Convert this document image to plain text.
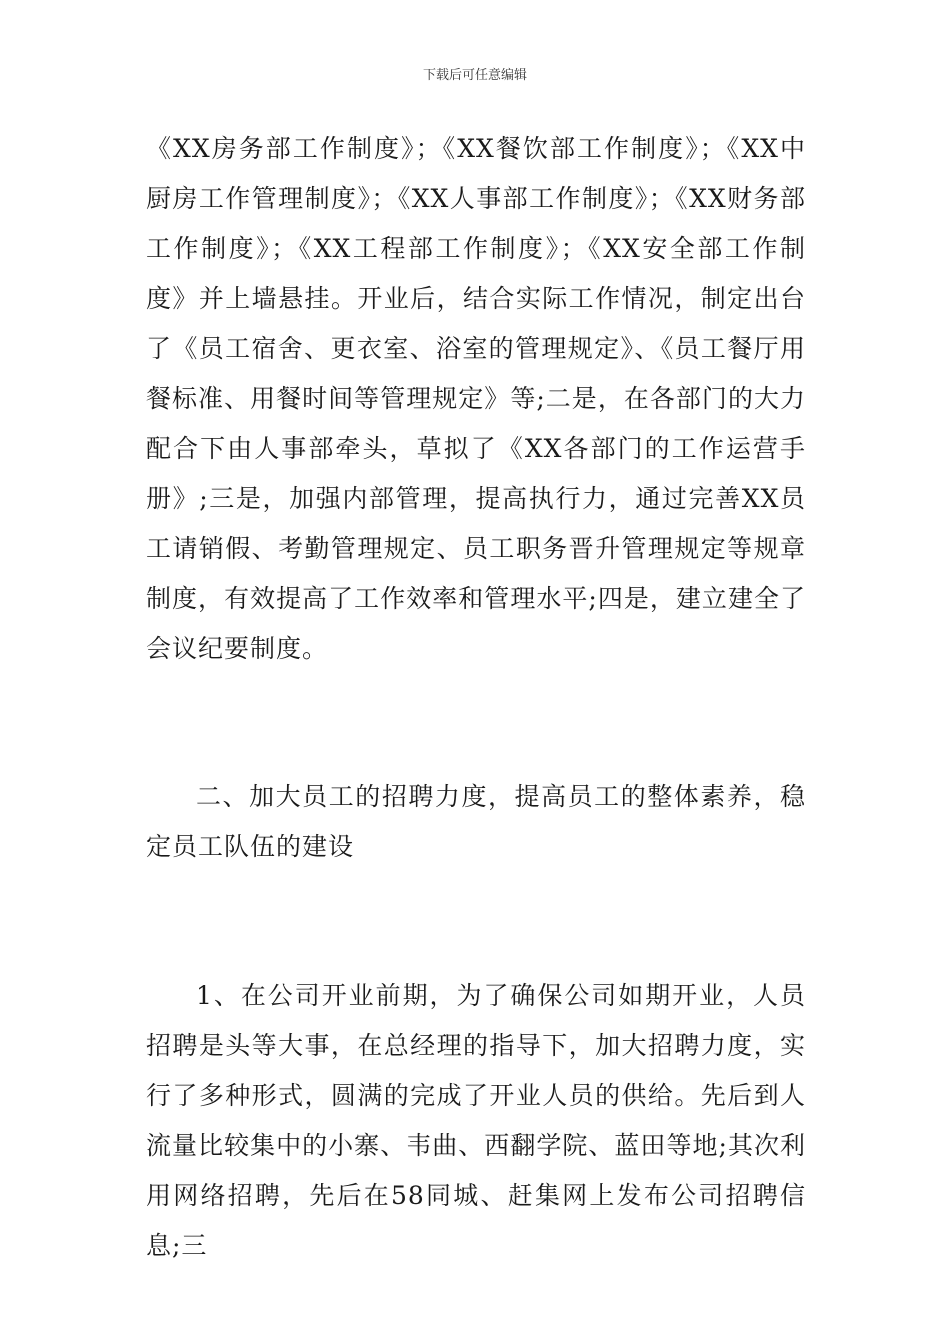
下载后可任意编辑

《XX房务部工作制度》；《XX餐饮部工作制度》；《XX中厨房工作管理制度》；《XX人事部工作制度》；《XX财务部工作制度》；《XX工程部工作制度》；《XX安全部工作制度》并上墙悬挂。开业后，结合实际工作情况，制定出台了《员工宿舍、更衣室、浴室的管理规定》、《员工餐厅用餐标准、用餐时间等管理规定》等;二是，在各部门的大力配合下由人事部牵头，草拟了《XX各部门的工作运营手册》;三是，加强内部管理，提高执行力，通过完善XX员工请销假、考勤管理规定、员工职务晋升管理规定等规章制度，有效提高了工作效率和管理水平;四是，建立建全了会议纪要制度。

二、加大员工的招聘力度，提高员工的整体素养，稳定员工队伍的建设

1、在公司开业前期，为了确保公司如期开业，人员招聘是头等大事，在总经理的指导下，加大招聘力度，实行了多种形式，圆满的完成了开业人员的供给。先后到人流量比较集中的小寨、韦曲、西翻学院、蓝田等地;其次利用网络招聘，先后在58同城、赶集网上发布公司招聘信息;三
